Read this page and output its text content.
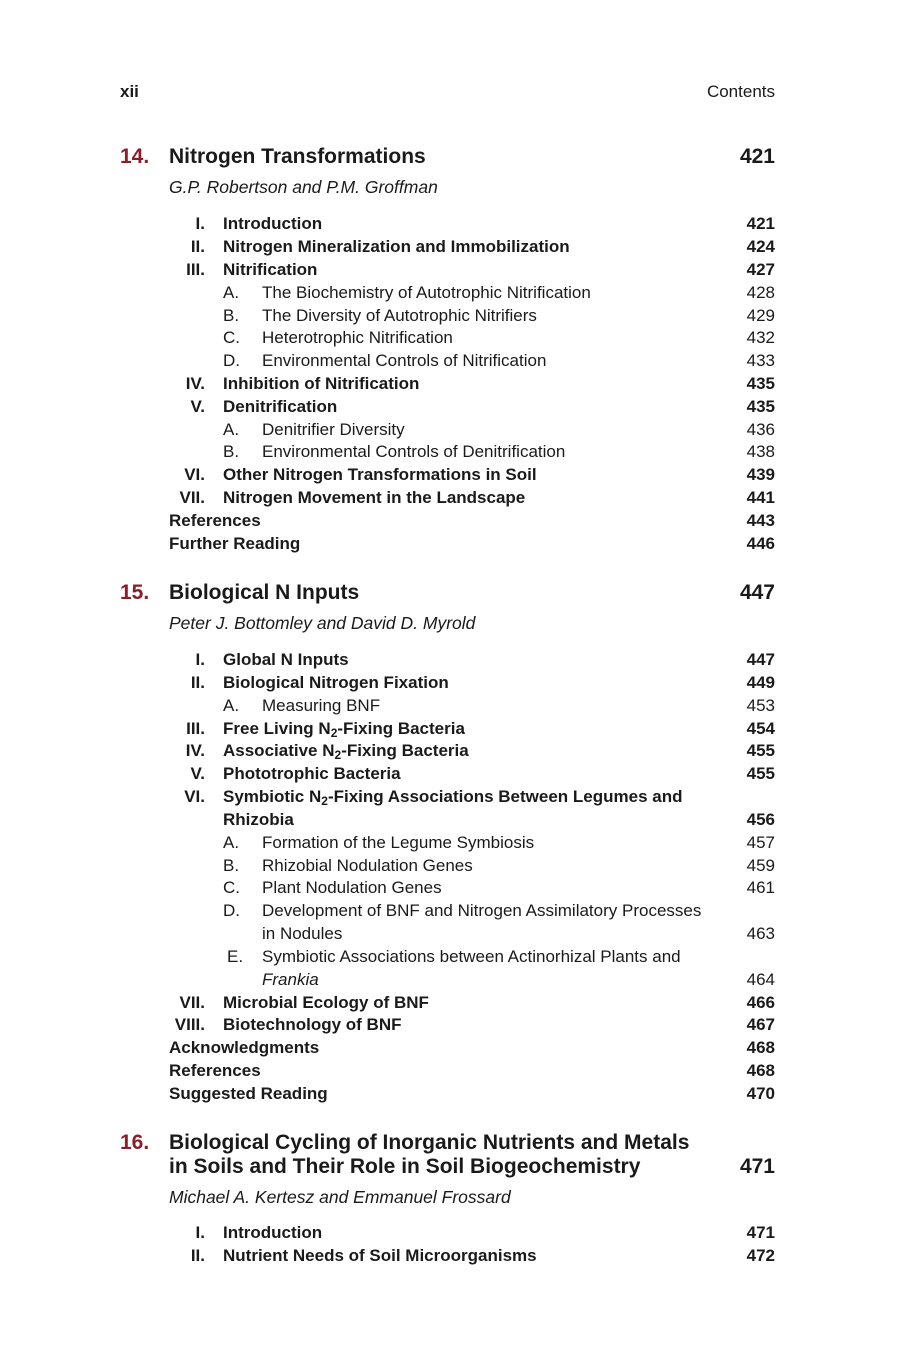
xii	Contents
14. Nitrogen Transformations	421
G.P. Robertson and P.M. Groffman
I. Introduction	421
II. Nitrogen Mineralization and Immobilization	424
III. Nitrification	427
A. The Biochemistry of Autotrophic Nitrification	428
B. The Diversity of Autotrophic Nitrifiers	429
C. Heterotrophic Nitrification	432
D. Environmental Controls of Nitrification	433
IV. Inhibition of Nitrification	435
V. Denitrification	435
A. Denitrifier Diversity	436
B. Environmental Controls of Denitrification	438
VI. Other Nitrogen Transformations in Soil	439
VII. Nitrogen Movement in the Landscape	441
References	443
Further Reading	446
15. Biological N Inputs	447
Peter J. Bottomley and David D. Myrold
I. Global N Inputs	447
II. Biological Nitrogen Fixation	449
A. Measuring BNF	453
III. Free Living $N_2$-Fixing Bacteria	454
IV. Associative $N_2$-Fixing Bacteria	455
V. Phototrophic Bacteria	455
VI. Symbiotic $N_2$-Fixing Associations Between Legumes and
Rhizobia	456
A. Formation of the Legume Symbiosis	457
B. Rhizobial Nodulation Genes	459
C. Plant Nodulation Genes	461
D. Development of BNF and Nitrogen Assimilatory Processes
in Nodules	463
E. Symbiotic Associations between Actinorhizal Plants and
Frankia	464
VII. Microbial Ecology of BNF	466
VIII. Biotechnology of BNF	467
Acknowledgments	468
References	468
Suggested Reading	470
16. Biological Cycling of Inorganic Nutrients and Metals
in Soils and Their Role in Soil Biogeochemistry	471
Michael A. Kertesz and Emmanuel Frossard
I. Introduction	471
II. Nutrient Needs of Soil Microorganisms	472
